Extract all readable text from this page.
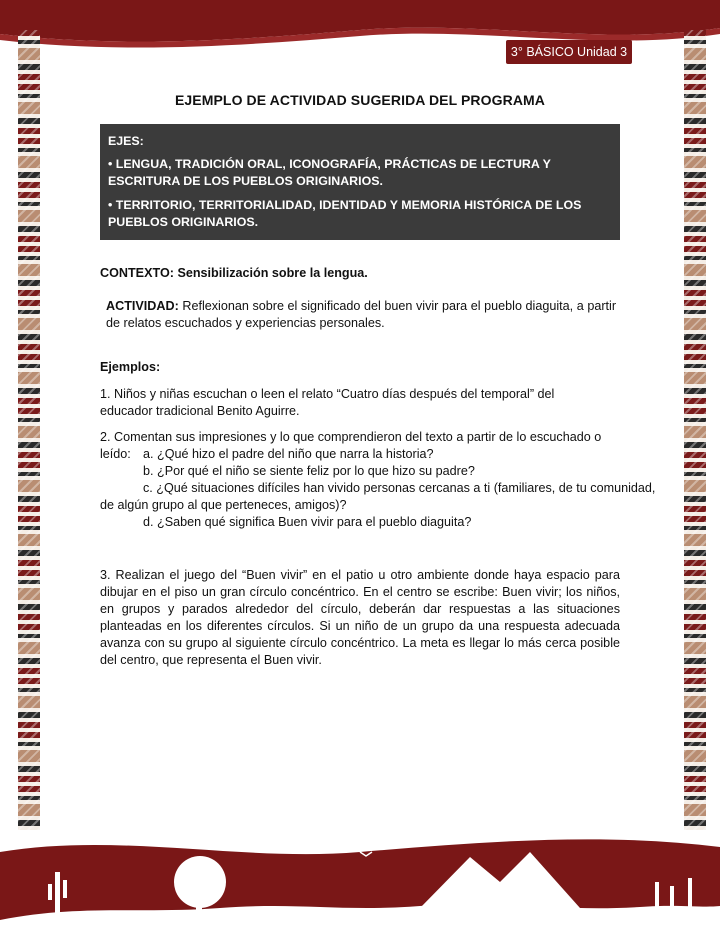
3° BÁSICO Unidad 3
EJEMPLO DE ACTIVIDAD SUGERIDA DEL PROGRAMA
EJES:
• LENGUA, TRADICIÓN ORAL, ICONOGRAFÍA, PRÁCTICAS DE LECTURA Y ESCRITURA DE LOS PUEBLOS ORIGINARIOS.
• TERRITORIO, TERRITORIALIDAD, IDENTIDAD Y MEMORIA HISTÓRICA DE LOS PUEBLOS ORIGINARIOS.
CONTEXTO: Sensibilización sobre la lengua.
ACTIVIDAD: Reflexionan sobre el significado del buen vivir para el pueblo diaguita, a partir de relatos escuchados y experiencias personales.
Ejemplos:
1. Niños y niñas escuchan o leen el relato “Cuatro días después del temporal” del educador tradicional Benito Aguirre.
2. Comentan sus impresiones y lo que comprendieron del texto a partir de lo escuchado o leído: a. ¿Qué hizo el padre del niño que narra la historia?
b. ¿Por qué el niño se siente feliz por lo que hizo su padre?
c. ¿Qué situaciones difíciles han vivido personas cercanas a ti (familiares, de tu comunidad,
de algún grupo al que perteneces, amigos)?
d. ¿Saben qué significa Buen vivir para el pueblo diaguita?
3. Realizan el juego del “Buen vivir” en el patio u otro ambiente donde haya espacio para dibujar en el piso un gran círculo concéntrico. En el centro se escribe: Buen vivir; los niños, en grupos y parados alrededor del círculo, deberán dar respuestas a las situaciones planteadas en los diferentes círculos. Si un niño de un grupo da una respuesta adecuada avanza con su grupo al siguiente círculo concéntrico. La meta es llegar lo más cerca posible del centro, que representa el Buen vivir.
